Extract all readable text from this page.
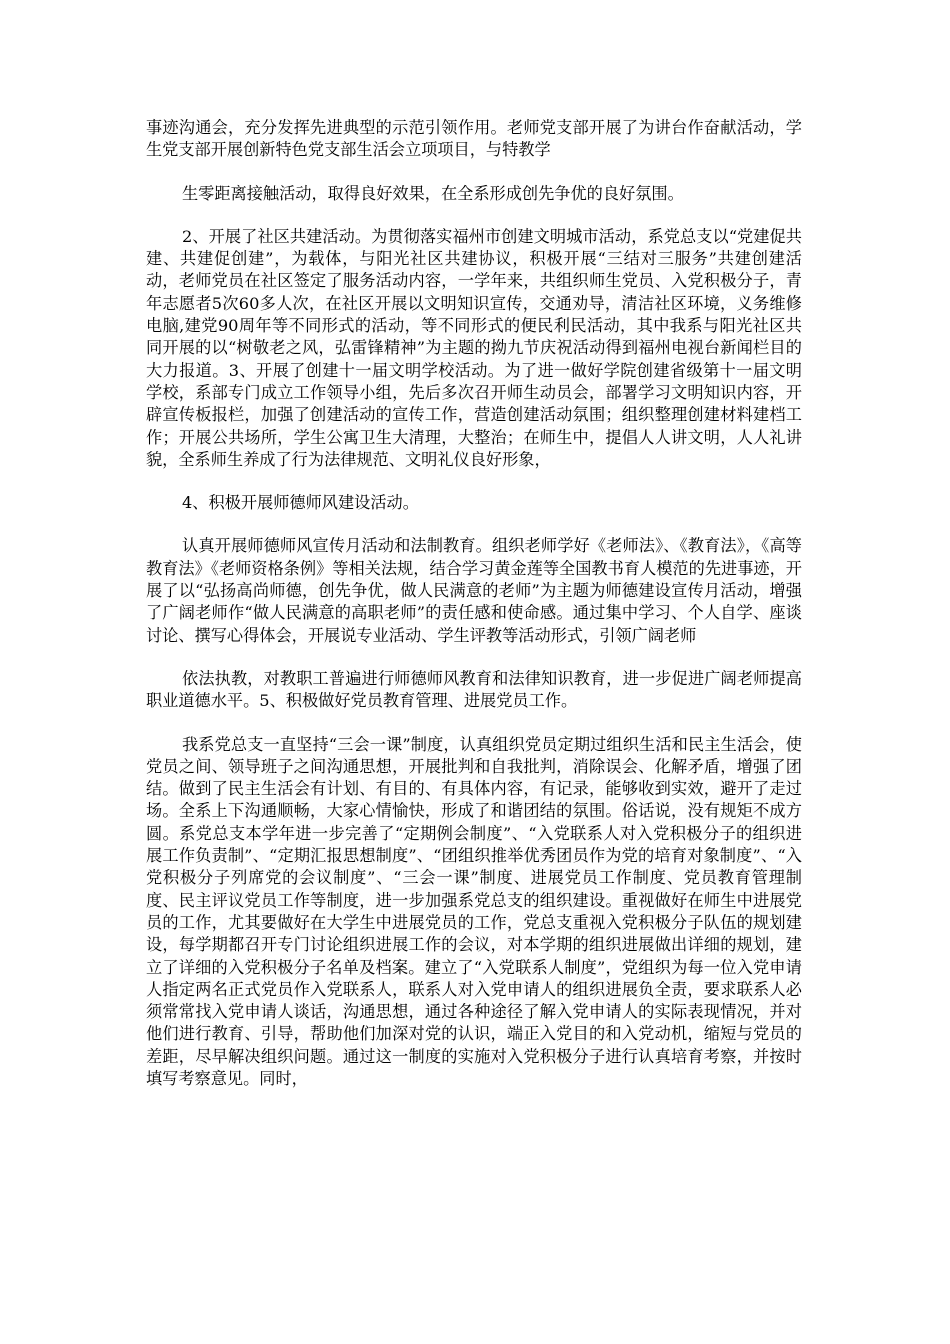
事迹沟通会，充分发挥先进典型的示范引领作用。老师党支部开展了为讲台作奋献活动，学生党支部开展创新特色党支部生活会立项项目，与特教学

生零距离接触活动，取得良好效果，在全系形成创先争优的良好氛围。

2、开展了社区共建活动。为贯彻落实福州市创建文明城市活动，系党总支以“党建促共建、共建促创建”，为载体，与阳光社区共建协议，积极开展“三结对三服务”共建创建活动，老师党员在社区签定了服务活动内容，一学年来，共组织师生党员、入党积极分子，青年志愿者5次60多人次，在社区开展以文明知识宣传，交通劝导，清洁社区环境，义务维修电脑,建党90周年等不同形式的活动，等不同形式的便民利民活动，其中我系与阳光社区共同开展的以“树敬老之风，弘雷锋精神”为主题的拗九节庆祝活动得到福州电视台新闻栏目的大力报道。3、开展了创建十一届文明学校活动。为了进一做好学院创建省级第十一届文明学校，系部专门成立工作领导小组，先后多次召开师生动员会，部署学习文明知识内容，开辟宣传板报栏，加强了创建活动的宣传工作，营造创建活动氛围；组织整理创建材料建档工作；开展公共场所，学生公寓卫生大清理，大整治；在师生中，提倡人人讲文明，人人礼讲貌，全系师生养成了行为法律规范、文明礼仪良好形象，

4、积极开展师德师风建设活动。

认真开展师德师风宣传月活动和法制教育。组织老师学好《老师法》、《教育法》，《高等教育法》《老师资格条例》等相关法规，结合学习黄金莲等全国教书育人模范的先进事迹，开展了以“弘扬高尚师德，创先争优，做人民满意的老师”为主题为师德建设宣传月活动，增强了广阔老师作“做人民满意的高职老师”的责任感和使命感。通过集中学习、个人自学、座谈讨论、撰写心得体会，开展说专业活动、学生评教等活动形式，引领广阔老师

依法执教，对教职工普遍进行师德师风教育和法律知识教育，进一步促进广阔老师提高职业道德水平。5、积极做好党员教育管理、进展党员工作。

我系党总支一直坚持“三会一课”制度，认真组织党员定期过组织生活和民主生活会，使党员之间、领导班子之间沟通思想，开展批判和自我批判，消除误会、化解矛盾，增强了团结。做到了民主生活会有计划、有目的、有具体内容，有记录，能够收到实效，避开了走过场。全系上下沟通顺畅，大家心情愉快，形成了和谐团结的氛围。俗话说，没有规矩不成方圆。系党总支本学年进一步完善了“定期例会制度”、“入党联系人对入党积极分子的组织进展工作负责制”、“定期汇报思想制度”、“团组织推举优秀团员作为党的培育对象制度”、“入党积极分子列席党的会议制度”、“三会一课”制度、进展党员工作制度、党员教育管理制度、民主评议党员工作等制度，进一步加强系党总支的组织建设。重视做好在师生中进展党员的工作，尤其要做好在大学生中进展党员的工作，党总支重视入党积极分子队伍的规划建设，每学期都召开专门讨论组织进展工作的会议，对本学期的组织进展做出详细的规划，建立了详细的入党积极分子名单及档案。建立了“入党联系人制度”，党组织为每一位入党申请人指定两名正式党员作入党联系人，联系人对入党申请人的组织进展负全责，要求联系人必须常常找入党申请人谈话，沟通思想，通过各种途径了解入党申请人的实际表现情况，并对他们进行教育、引导，帮助他们加深对党的认识，端正入党目的和入党动机，缩短与党员的差距，尽早解决组织问题。通过这一制度的实施对入党积极分子进行认真培育考察，并按时填写考察意见。同时，
